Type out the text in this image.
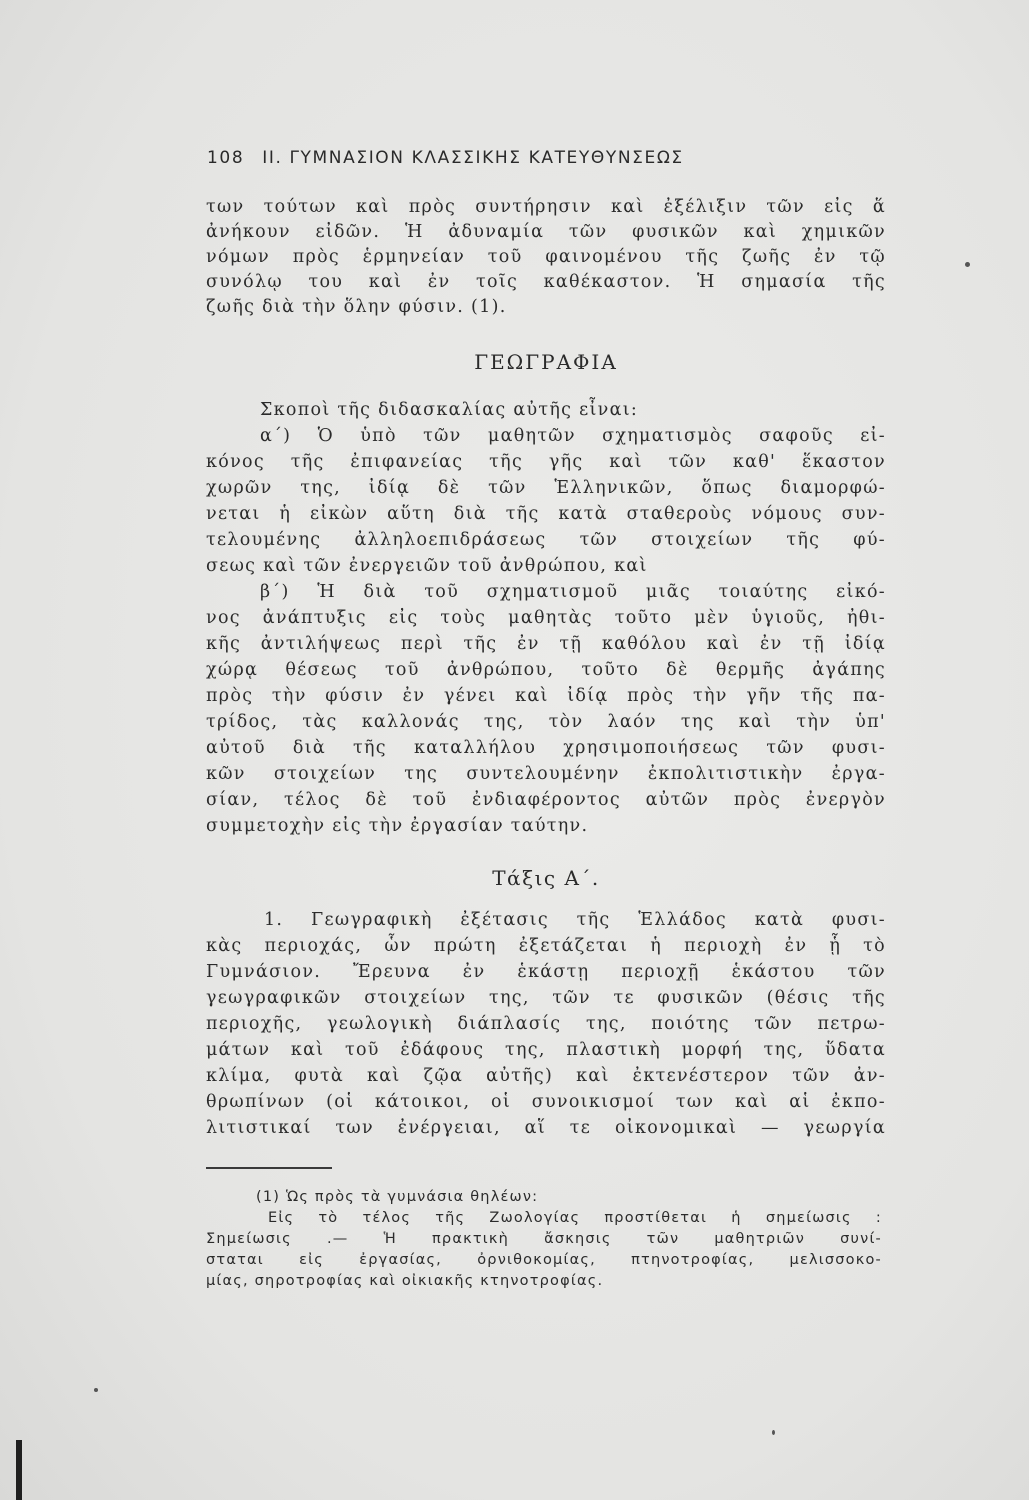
108 ΙΙ. ΓΥΜΝΑΣΙΟΝ ΚΛΑΣΣΙΚΗΣ ΚΑΤΕΥΘΥΝΣΕΩΣ
των τούτων καὶ πρὸς συντήρησιν καὶ ἐξέλιξιν τῶν εἰς ἅ
ἀνήκουν εἰδῶν. Ἡ ἀδυναμία τῶν φυσικῶν καὶ χημικῶν
νόμων πρὸς ἑρμηνείαν τοῦ φαινομένου τῆς ζωῆς ἐν τῷ
συνόλῳ του καὶ ἐν τοῖς καθέκαστον. Ἡ σημασία τῆς
ζωῆς διὰ τὴν ὅλην φύσιν. (1).
ΓΕΩΓΡΑΦΙΑ
Σκοποὶ τῆς διδασκαλίας αὐτῆς εἶναι:
α΄) Ὁ ὑπὸ τῶν μαθητῶν σχηματισμὸς σαφοῦς εἰ-
κόνος τῆς ἐπιφανείας τῆς γῆς καὶ τῶν καθ' ἕκαστον
χωρῶν της, ἰδίᾳ δὲ τῶν Ἑλληνικῶν, ὅπως διαμορφώ-
νεται ἡ εἰκὼν αὕτη διὰ τῆς κατὰ σταθεροὺς νόμους συν-
τελουμένης ἀλληλοεπιδράσεως τῶν στοιχείων τῆς φύ-
σεως καὶ τῶν ἐνεργειῶν τοῦ ἀνθρώπου, καὶ
β΄) Ἡ διὰ τοῦ σχηματισμοῦ μιᾶς τοιαύτης εἰκό-
νος ἀνάπτυξις εἰς τοὺς μαθητὰς τοῦτο μὲν ὑγιοῦς, ἠθι-
κῆς ἀντιλήψεως περὶ τῆς ἐν τῇ καθόλου καὶ ἐν τῇ ἰδίᾳ
χώρᾳ θέσεως τοῦ ἀνθρώπου, τοῦτο δὲ θερμῆς ἀγάπης
πρὸς τὴν φύσιν ἐν γένει καὶ ἰδίᾳ πρὸς τὴν γῆν τῆς πα-
τρίδος, τὰς καλλονάς της, τὸν λαόν της καὶ τὴν ὑπ'
αὐτοῦ διὰ τῆς καταλλήλου χρησιμοποιήσεως τῶν φυσι-
κῶν στοιχείων της συντελουμένην ἐκπολιτιστικὴν ἐργα-
σίαν, τέλος δὲ τοῦ ἐνδιαφέροντος αὐτῶν πρὸς ἐνεργὸν
συμμετοχὴν εἰς τὴν ἐργασίαν ταύτην.
Τάξις Α΄.
1. Γεωγραφικὴ ἐξέτασις τῆς Ἑλλάδος κατὰ φυσι-
κὰς περιοχάς, ὧν πρώτη ἐξετάζεται ἡ περιοχὴ ἐν ᾗ τὸ
Γυμνάσιον. Ἔρευνα ἐν ἑκάστῃ περιοχῇ ἑκάστου τῶν
γεωγραφικῶν στοιχείων της, τῶν τε φυσικῶν (θέσις τῆς
περιοχῆς, γεωλογικὴ διάπλασίς της, ποιότης τῶν πετρω-
μάτων καὶ τοῦ ἐδάφους της, πλαστικὴ μορφή της, ὕδατα
κλίμα, φυτὰ καὶ ζῷα αὐτῆς) καὶ ἐκτενέστερον τῶν ἀν-
θρωπίνων (οἱ κάτοικοι, οἱ συνοικισμοί των καὶ αἱ ἐκπο-
λιτιστικαί των ἐνέργειαι, αἵ τε οἰκονομικαὶ — γεωργία
(1) Ὡς πρὸς τὰ γυμνάσια θηλέων:
Εἰς τὸ τέλος τῆς Ζωολογίας προστίθεται ἡ σημείωσις :
Σημείωσις .— Ἡ πρακτικὴ ἄσκησις τῶν μαθητριῶν συνί-
σταται εἰς ἐργασίας, ὀρνιθοκομίας, πτηνοτροφίας, μελισσοκο-
μίας, σηροτροφίας καὶ οἰκιακῆς κτηνοτροφίας.
